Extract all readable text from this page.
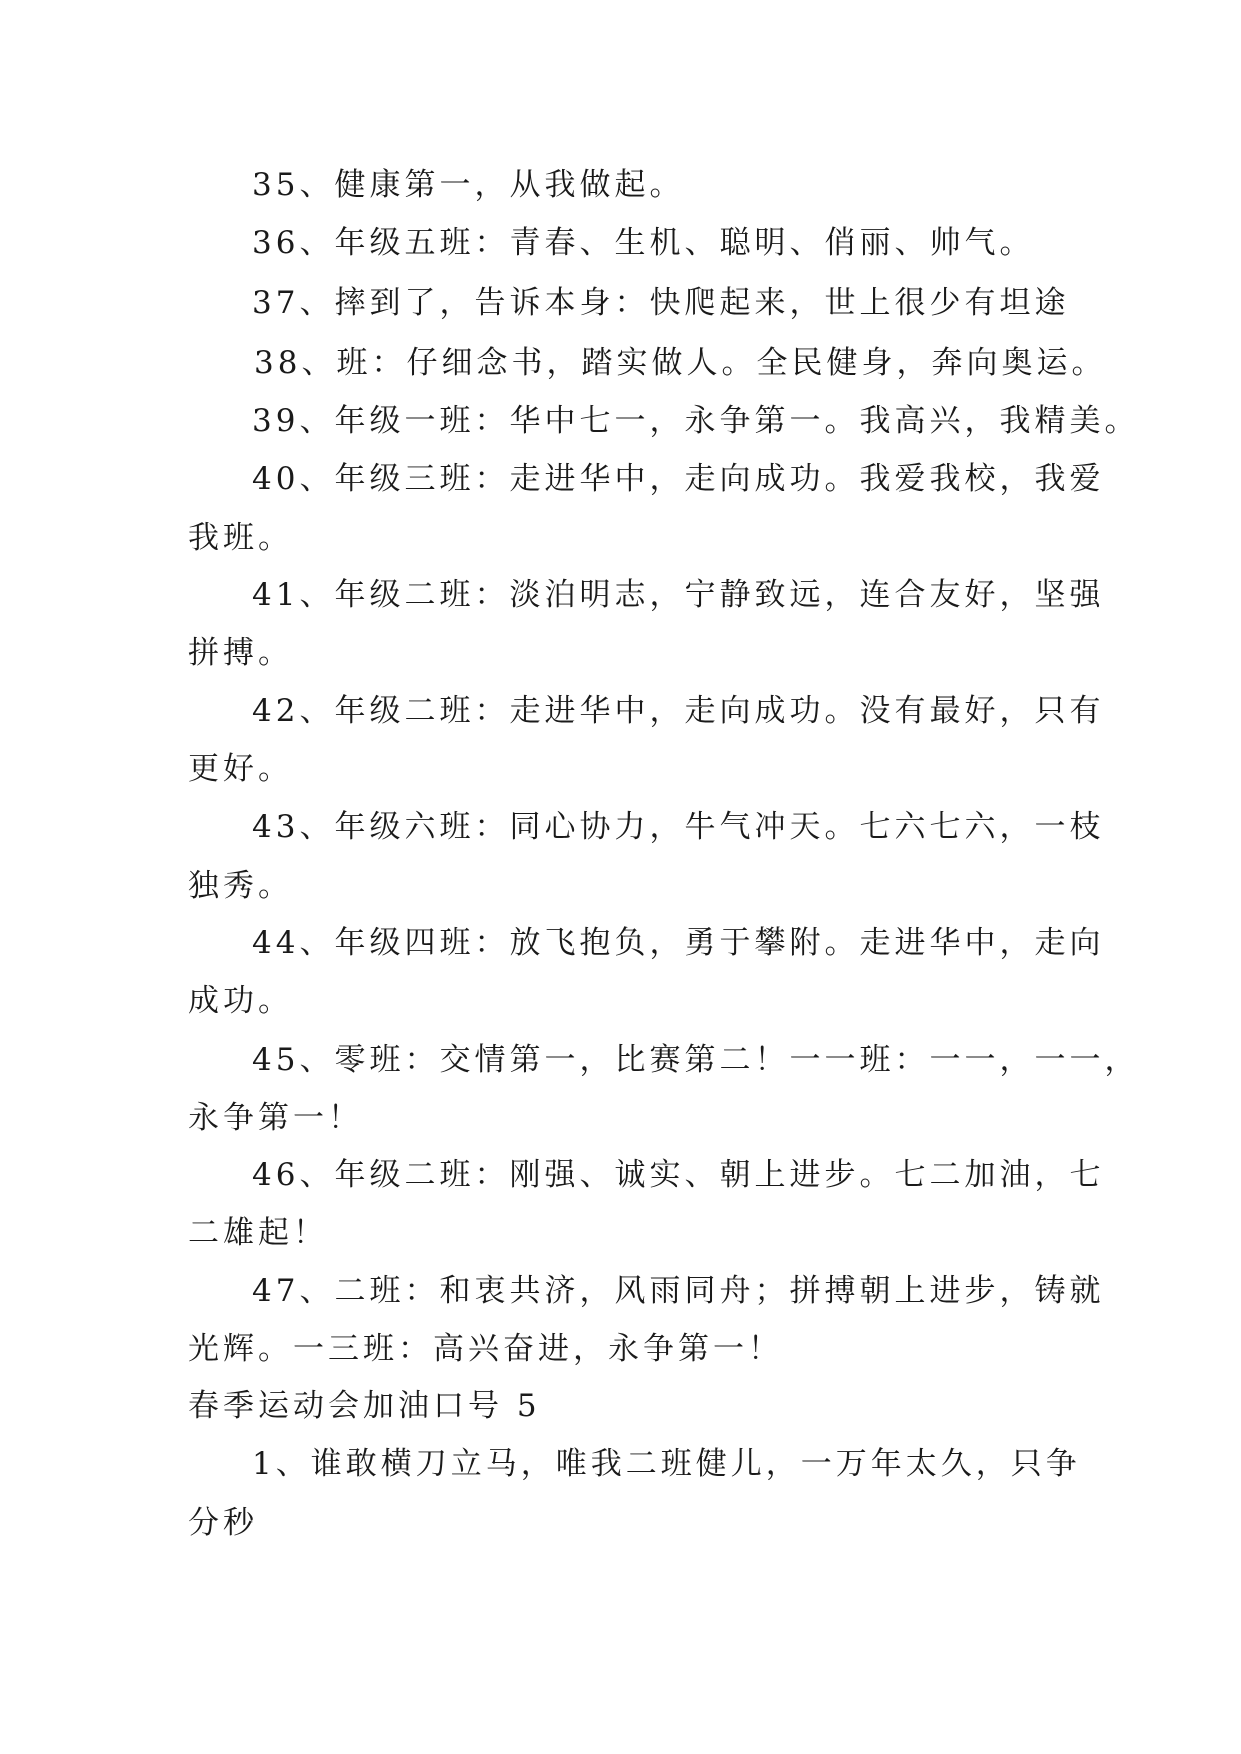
35、健康第一，从我做起。
36、年级五班：青春、生机、聪明、俏丽、帅气。
37、摔到了，告诉本身：快爬起来，世上很少有坦途
38、班：仔细念书，踏实做人。全民健身，奔向奥运。
39、年级一班：华中七一，永争第一。我高兴，我精美。
40、年级三班：走进华中，走向成功。我爱我校，我爱
我班。
41、年级二班：淡泊明志，宁静致远，连合友好，坚强
拼搏。
42、年级二班：走进华中，走向成功。没有最好，只有
更好。
43、年级六班：同心协力，牛气冲天。七六七六，一枝
独秀。
44、年级四班：放飞抱负，勇于攀附。走进华中，走向
成功。
45、零班：交情第一，比赛第二！一一班：一一，一一，
永争第一！
46、年级二班：刚强、诚实、朝上进步。七二加油，七
二雄起！
47、二班：和衷共济，风雨同舟；拼搏朝上进步，铸就
光辉。一三班：高兴奋进，永争第一！
春季运动会加油口号 5
1、谁敢横刀立马，唯我二班健儿，一万年太久，只争
分秒
